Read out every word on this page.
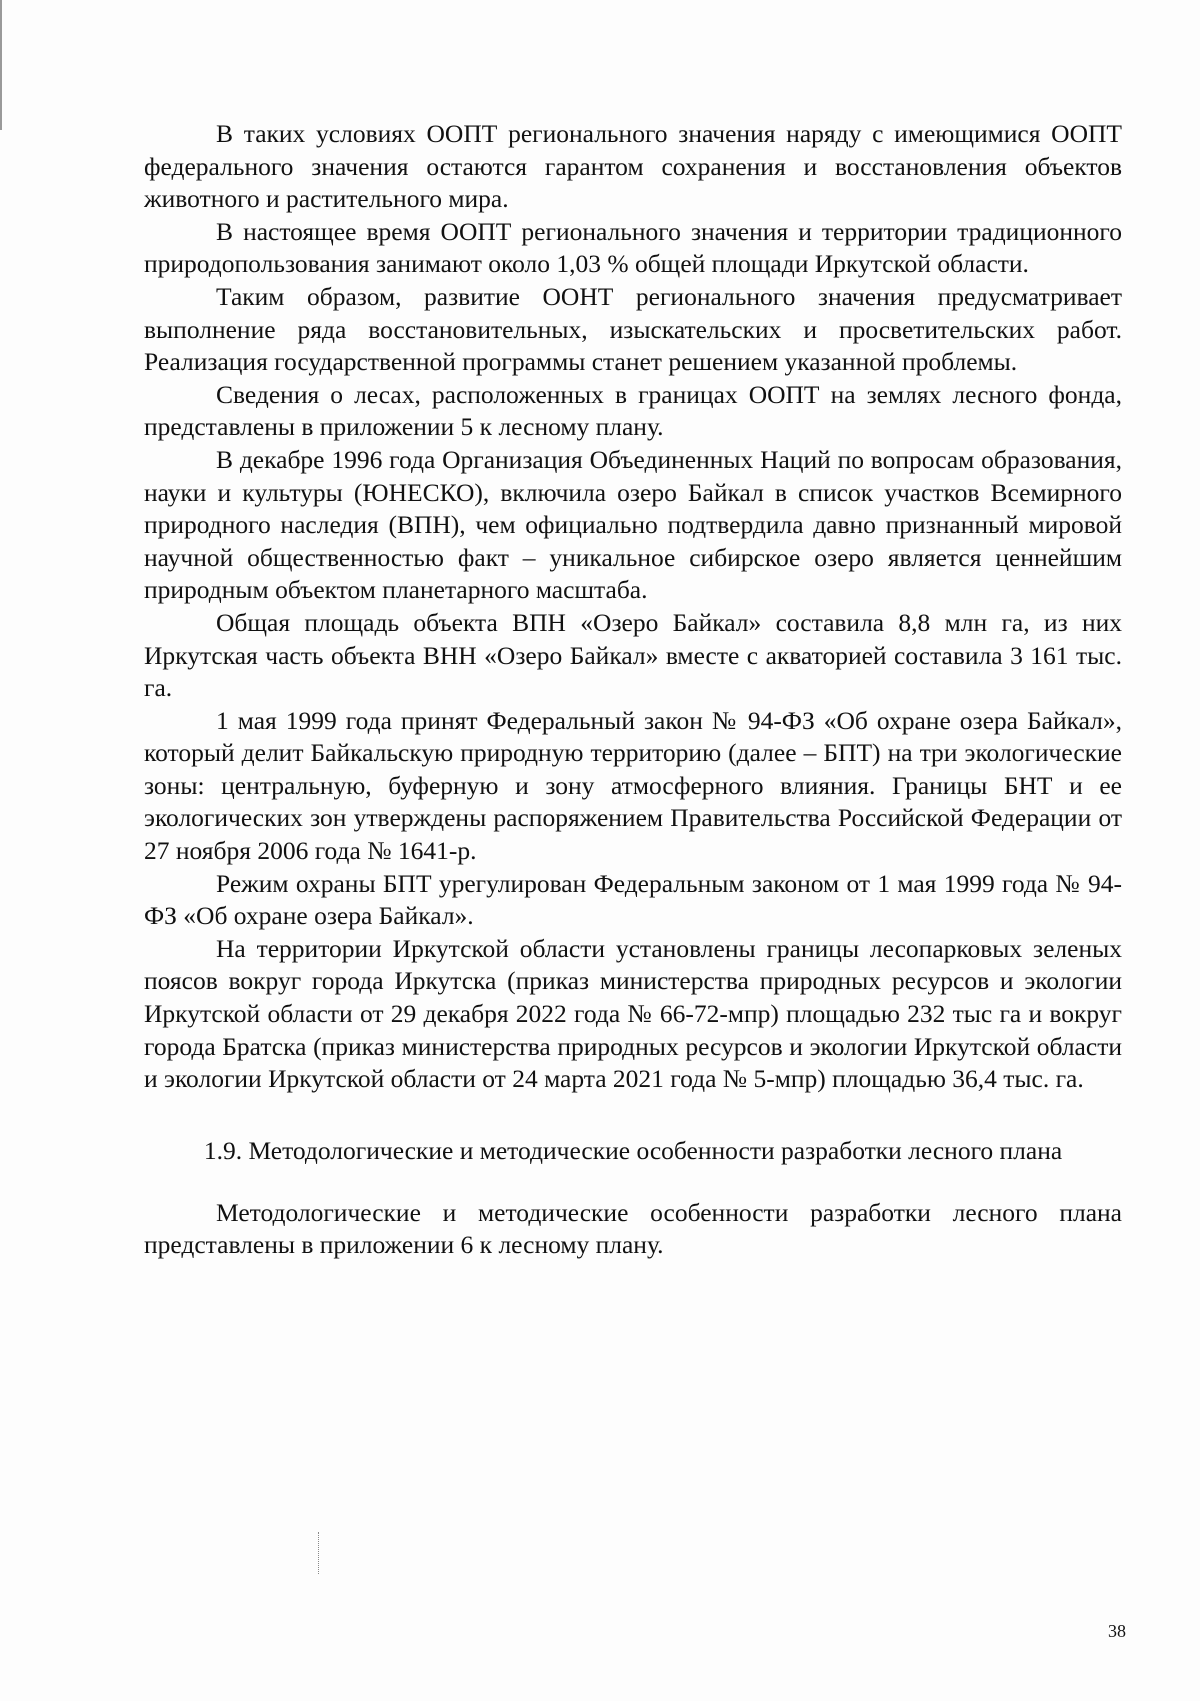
В таких условиях ООПТ регионального значения наряду с имеющимися ООПТ федерального значения остаются гарантом сохранения и восстановления объектов животного и растительного мира.

В настоящее время ООПТ регионального значения и территории традиционного природопользования занимают около 1,03 % общей площади Иркутской области.

Таким образом, развитие ООНТ регионального значения предусматривает выполнение ряда восстановительных, изыскательских и просветительских работ. Реализация государственной программы станет решением указанной проблемы.

Сведения о лесах, расположенных в границах ООПТ на землях лесного фонда, представлены в приложении 5 к лесному плану.

В декабре 1996 года Организация Объединенных Наций по вопросам образования, науки и культуры (ЮНЕСКО), включила озеро Байкал в список участков Всемирного природного наследия (ВПН), чем официально подтвердила давно признанный мировой научной общественностью факт – уникальное сибирское озеро является ценнейшим природным объектом планетарного масштаба.

Общая площадь объекта ВПН «Озеро Байкал» составила 8,8 млн га, из них Иркутская часть объекта ВНН «Озеро Байкал» вместе с акваторией составила 3 161 тыс. га.

1 мая 1999 года принят Федеральный закон № 94-ФЗ «Об охране озера Байкал», который делит Байкальскую природную территорию (далее – БПТ) на три экологические зоны: центральную, буферную и зону атмосферного влияния. Границы БНТ и ее экологических зон утверждены распоряжением Правительства Российской Федерации от 27 ноября 2006 года № 1641-р.

Режим охраны БПТ урегулирован Федеральным законом от 1 мая 1999 года № 94-ФЗ «Об охране озера Байкал».

На территории Иркутской области установлены границы лесопарковых зеленых поясов вокруг города Иркутска (приказ министерства природных ресурсов и экологии Иркутской области от 29 декабря 2022 года № 66-72-мпр) площадью 232 тыс га и вокруг города Братска (приказ министерства природных ресурсов и экологии Иркутской области и экологии Иркутской области от 24 марта 2021 года № 5-мпр) площадью 36,4 тыс. га.

1.9. Методологические и методические особенности разработки лесного плана

Методологические и методические особенности разработки лесного плана представлены в приложении 6 к лесному плану.

38
